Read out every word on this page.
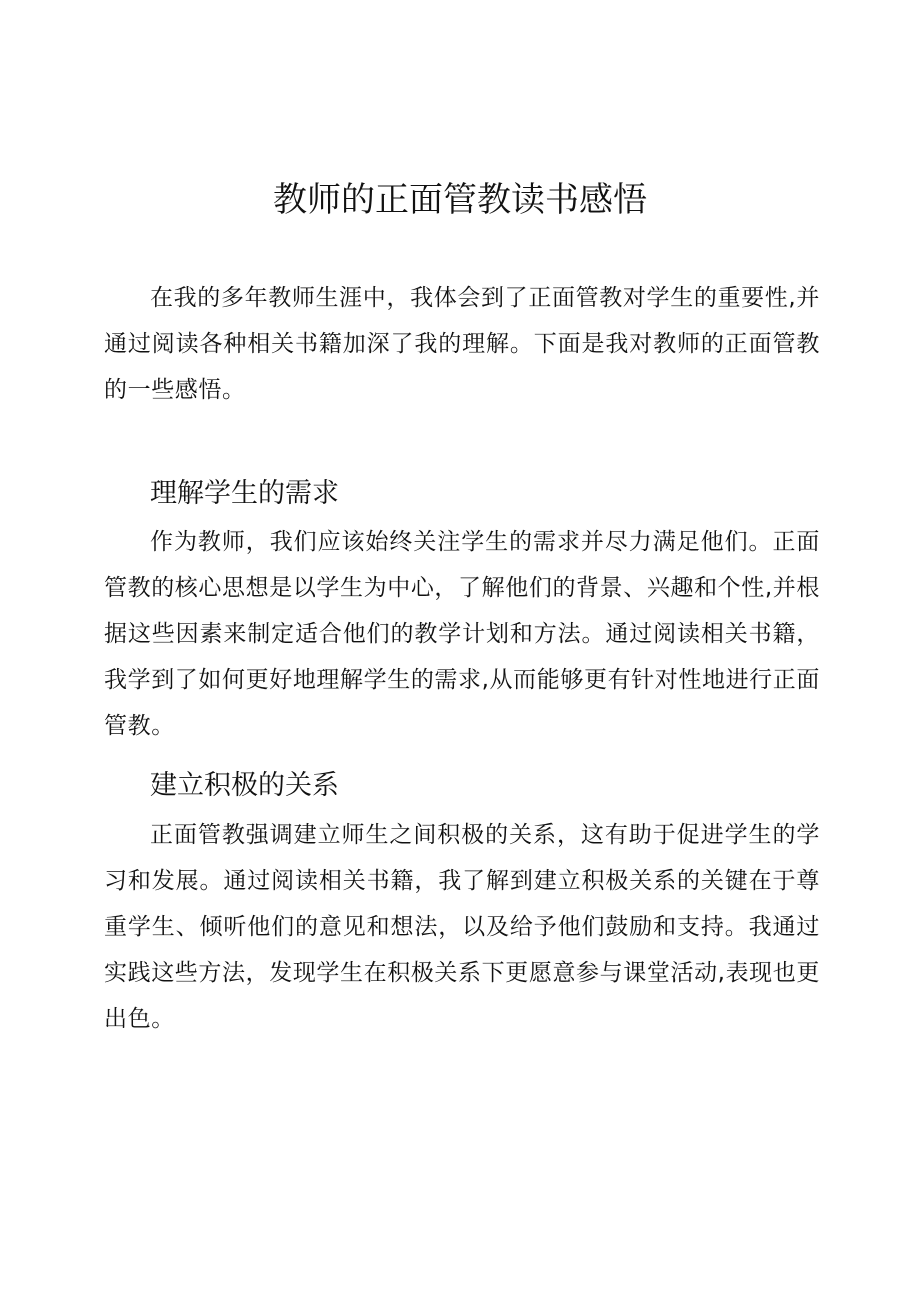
教师的正面管教读书感悟

在我的多年教师生涯中，我体会到了正面管教对学生的重要性,并通过阅读各种相关书籍加深了我的理解。下面是我对教师的正面管教的一些感悟。

理解学生的需求

作为教师，我们应该始终关注学生的需求并尽力满足他们。正面管教的核心思想是以学生为中心，了解他们的背景、兴趣和个性,并根据这些因素来制定适合他们的教学计划和方法。通过阅读相关书籍，我学到了如何更好地理解学生的需求,从而能够更有针对性地进行正面管教。

建立积极的关系

正面管教强调建立师生之间积极的关系，这有助于促进学生的学习和发展。通过阅读相关书籍，我了解到建立积极关系的关键在于尊重学生、倾听他们的意见和想法，以及给予他们鼓励和支持。我通过实践这些方法，发现学生在积极关系下更愿意参与课堂活动,表现也更出色。
